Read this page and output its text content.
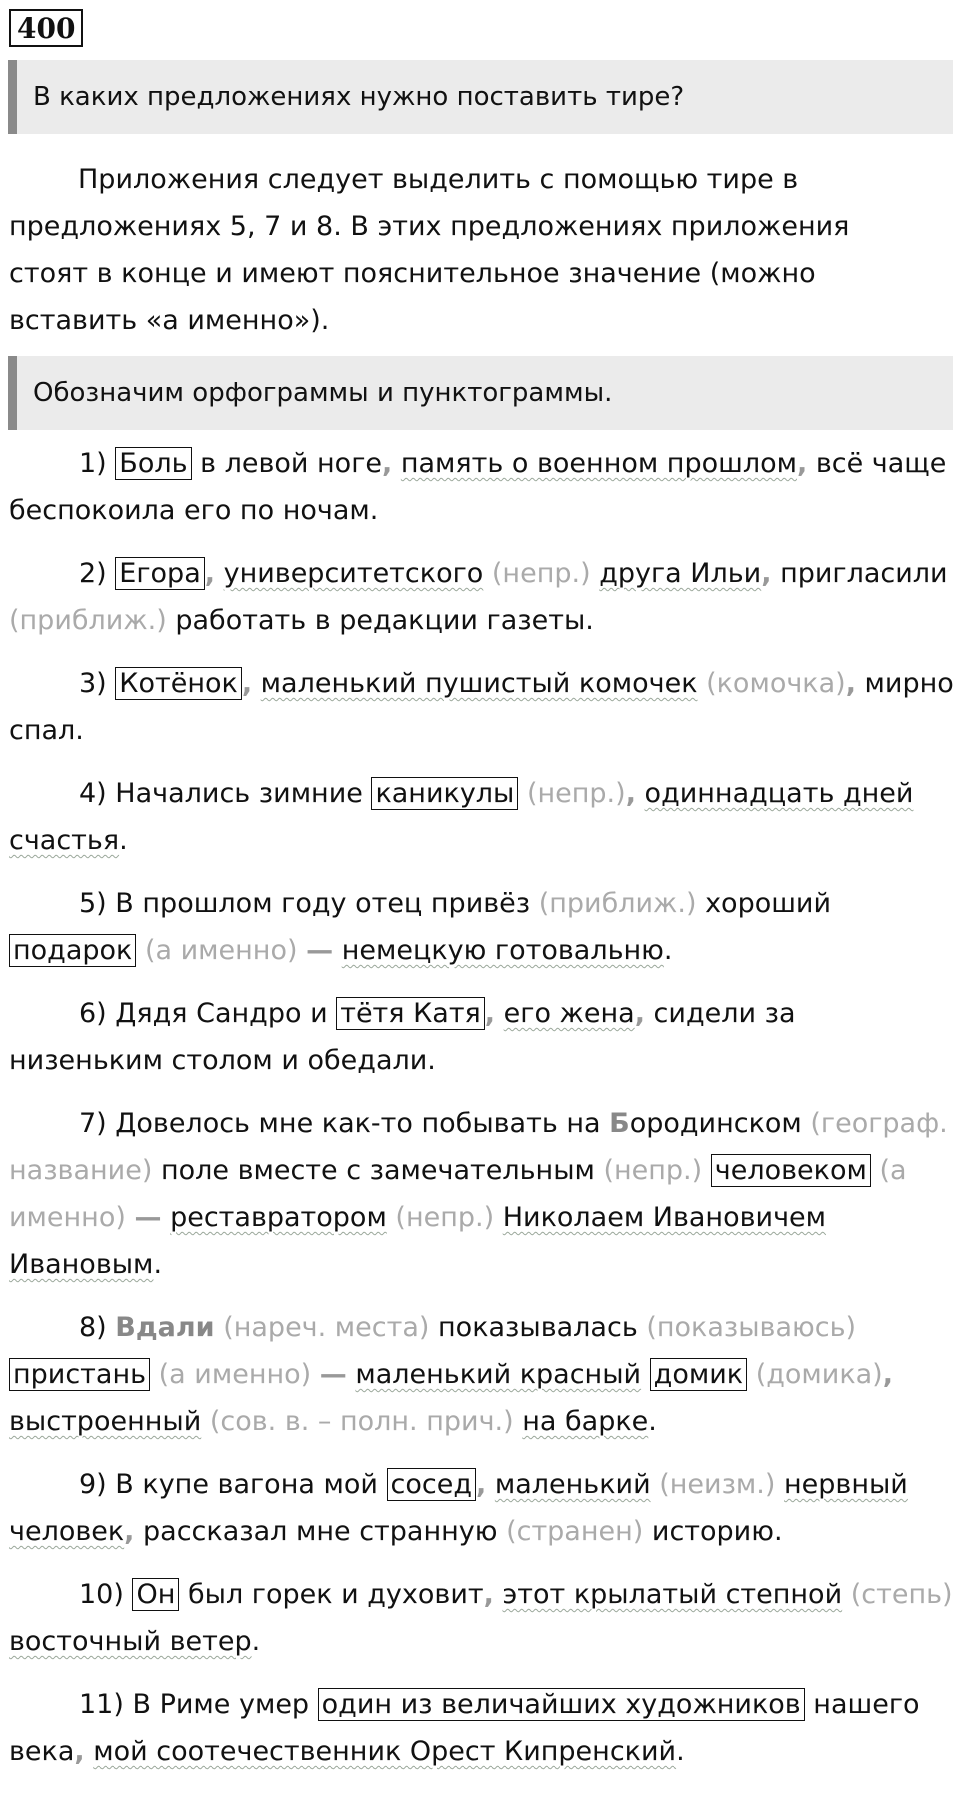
400
В каких предложениях нужно поставить тире?

Приложения следует выделить с помощью тире в предложениях 5, 7 и 8. В этих предложениях приложения стоят в конце и имеют пояснительное значение (можно вставить «а именно»).

Обозначим орфограммы и пунктограммы.

1) Боль в левой ноге, память о военном прошлом, всё чаще беспокоила его по ночам.

2) Егора , университетского (непр.) друга Ильи, пригласили (приближ.) работать в редакции газеты.

3) Котёнок , маленький пушистый комочек (комочка), мирно спал.

4) Начались зимние каникулы (непр.), одиннадцать дней счастья.

5) В прошлом году отец привёз (приближ.) хороший подарок (а именно) — немецкую готовальню.

6) Дядя Сандро и тётя Катя , его жена, сидели за низеньким столом и обедали.

7) Довелось мне как-то побывать на Бородинском (географ. название) поле вместе с замечательным (непр.) человеком (а именно) — реставратором (непр.) Николаем Ивановичем Ивановым.

8) Вдали (нареч. места) показывалась (показываюсь) пристань (а именно) — маленький красный домик (домика), выстроенный (сов. в. – полн. прич.) на барке.

9) В купе вагона мой сосед , маленький (неизм.) нервный человек, рассказал мне странную (странен) историю.

10) Он был горек и духовит, этот крылатый степной (степь) восточный ветер.

11) В Риме умер один из величайших художников нашего века, мой соотечественник Орест Кипренский.
